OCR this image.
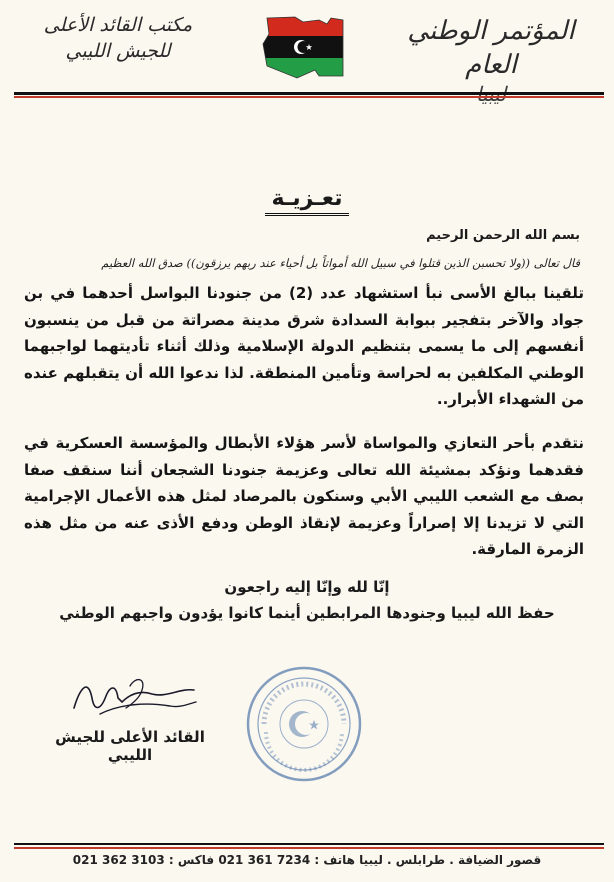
المؤتمر الوطني العام
مكتب القائد الأعلى
للجيش الليبي
تعـزيـة
بسم الله الرحمن الرحيم
قال تعالى ((ولا تحسبن الذين قتلوا في سبيل الله أمواتاً بل أحياء عند ربهم يرزقون)) صدق الله العظيم
تلقينا ببالغ الأسى نبأ استشهاد عدد (2) من جنودنا البواسل أحدهما في بن جواد والآخر بتفجير ببوابة السدادة شرق مدينة مصراتة من قبل من ينسبون أنفسهم إلى ما يسمى بتنظيم الدولة الإسلامية وذلك أثناء تأديتهما لواجبهما الوطني المكلفين به لحراسة وتأمين المنطقة. لذا ندعوا الله أن يتقبلهم عنده من الشهداء الأبرار..
نتقدم بأحر التعازي والمواساة لأسر هؤلاء الأبطال والمؤسسة العسكرية في فقدهما ونؤكد بمشيئة الله تعالى وعزيمة جنودنا الشجعان أننا سنقف صفا بصف مع الشعب الليبي الأبي وسنكون بالمرصاد لمثل هذه الأعمال الإجرامية التي لا تزيدنا إلا إصراراً وعزيمة لإنقاذ الوطن ودفع الأذى عنه من مثل هذه الزمرة المارقة.
إنّا لله وإنّا إليه راجعون
حفظ الله ليبيا وجنودها المرابطين أينما كانوا يؤدون واجبهم الوطني
القائد الأعلى للجيش الليبي
قصور الضيافة . طرابلس . ليبيا هاتف : 7234 361 021 فاكس : 3103 362 021
